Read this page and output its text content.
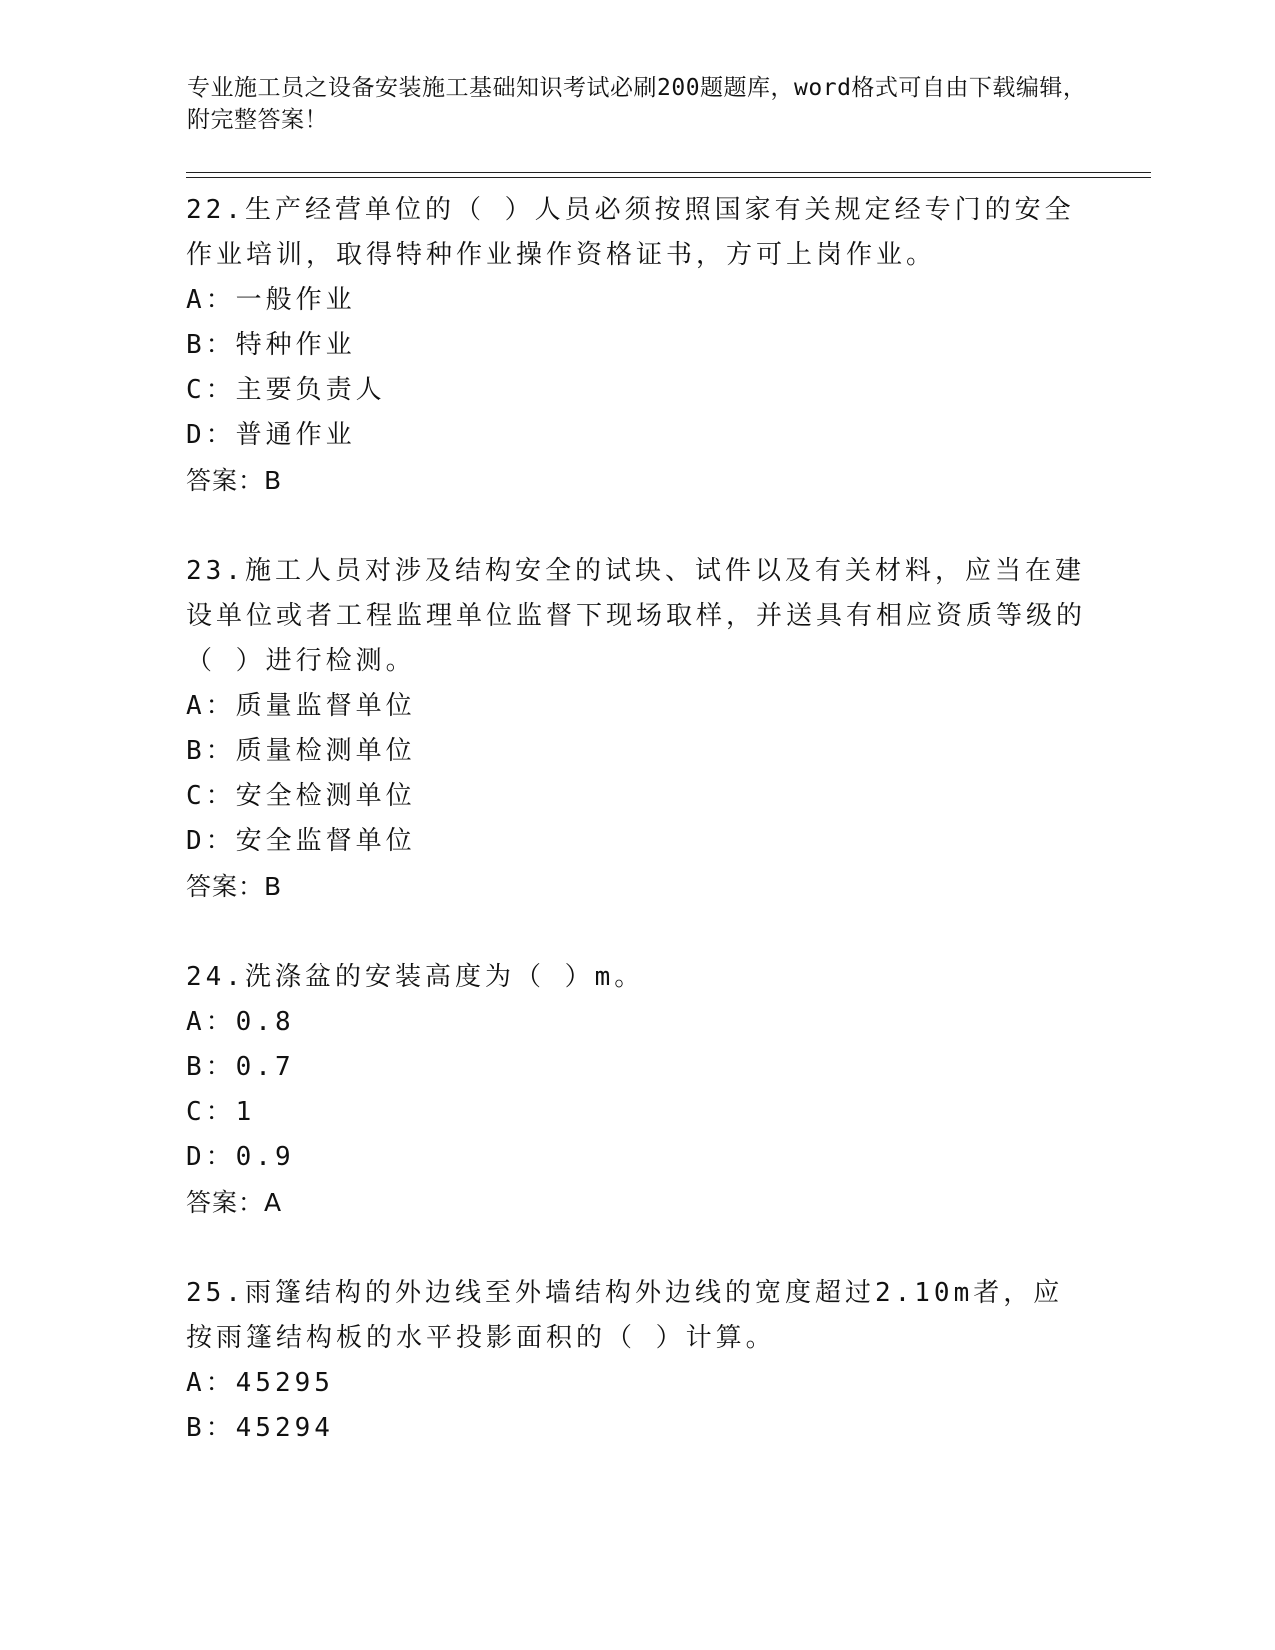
专业施工员之设备安装施工基础知识考试必刷200题题库，word格式可自由下载编辑，附完整答案！

22.生产经营单位的（ ）人员必须按照国家有关规定经专门的安全作业培训，取得特种作业操作资格证书，方可上岗作业。

A：一般作业

B：特种作业

C：主要负责人

D：普通作业

答案：B

23.施工人员对涉及结构安全的试块、试件以及有关材料，应当在建设单位或者工程监理单位监督下现场取样，并送具有相应资质等级的（ ）进行检测。

A：质量监督单位

B：质量检测单位

C：安全检测单位

D：安全监督单位

答案：B

24.洗涤盆的安装高度为（ ）m。

A：0.8

B：0.7

C：1

D：0.9

答案：A

25.雨篷结构的外边线至外墙结构外边线的宽度超过2.10m者，应按雨篷结构板的水平投影面积的（ ）计算。

A：45295

B：45294
